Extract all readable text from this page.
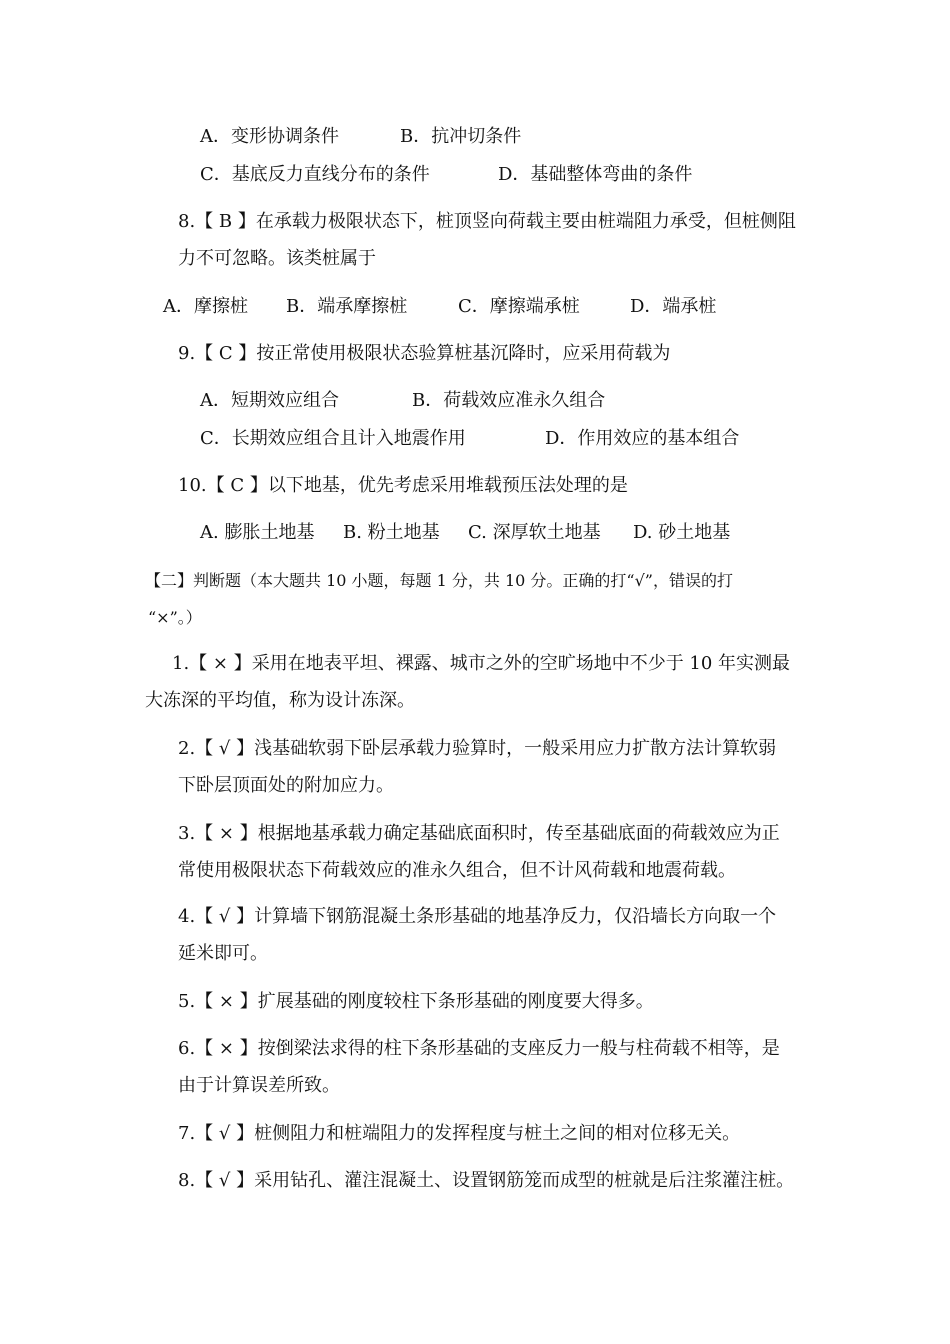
A．变形协调条件	B．抗冲切条件
C．基底反力直线分布的条件	D．基础整体弯曲的条件
8.【 B 】在承载力极限状态下，桩顶竖向荷载主要由桩端阻力承受，但桩侧阻
力不可忽略。该类桩属于
A．摩擦桩 B．端承摩擦桩	C．摩擦端承桩	D．端承桩
9.【 C 】按正常使用极限状态验算桩基沉降时，应采用荷载为
A．短期效应组合	B．荷载效应准永久组合
C．长期效应组合且计入地震作用	D．作用效应的基本组合
10.【 C 】以下地基，优先考虑采用堆载预压法处理的是
A. 膨胀土地基 B. 粉土地基 C. 深厚软土地基 D. 砂土地基
【二】判断题（本大题共 10 小题，每题 1 分，共 10 分。正确的打“√”，错误的打
“×”。）
1.【 × 】采用在地表平坦、裸露、城市之外的空旷场地中不少于 10 年实测最
大冻深的平均值，称为设计冻深。
2.【 √ 】浅基础软弱下卧层承载力验算时，一般采用应力扩散方法计算软弱
下卧层顶面处的附加应力。
3.【 × 】根据地基承载力确定基础底面积时，传至基础底面的荷载效应为正
常使用极限状态下荷载效应的准永久组合，但不计风荷载和地震荷载。
4.【 √ 】计算墙下钢筋混凝土条形基础的地基净反力，仅沿墙长方向取一个
延米即可。
5.【 × 】扩展基础的刚度较柱下条形基础的刚度要大得多。
6.【 × 】按倒梁法求得的柱下条形基础的支座反力一般与柱荷载不相等，是
由于计算误差所致。
7.【 √ 】桩侧阻力和桩端阻力的发挥程度与桩土之间的相对位移无关。
8.【 √ 】采用钻孔、灌注混凝土、设置钢筋笼而成型的桩就是后注浆灌注桩。
